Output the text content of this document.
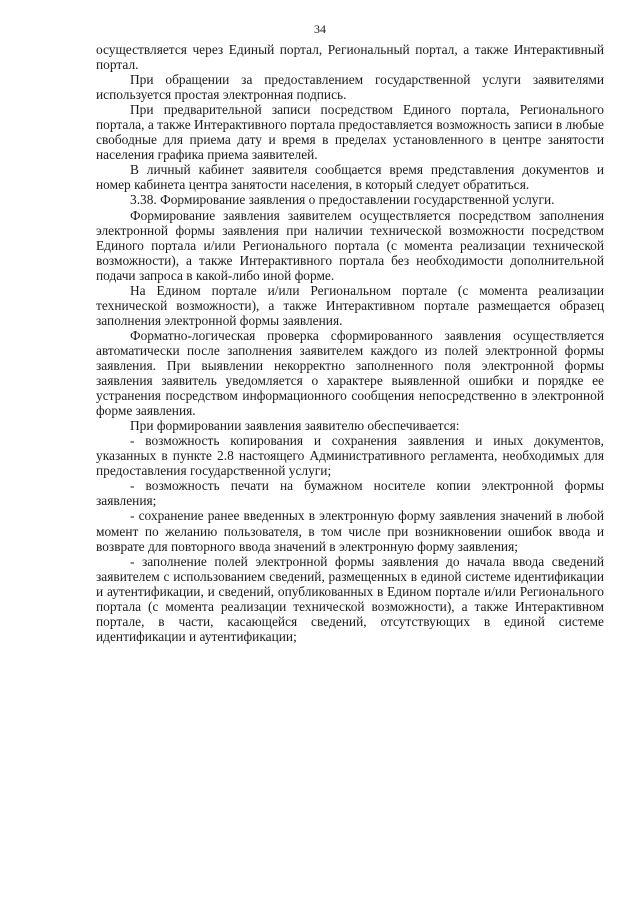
34

осуществляется через Единый портал, Региональный портал, а также Интерактивный портал.

При обращении за предоставлением государственной услуги заявителями используется простая электронная подпись.

При предварительной записи посредством Единого портала, Регионального портала, а также Интерактивного портала предоставляется возможность записи в любые свободные для приема дату и время в пределах установленного в центре занятости населения графика приема заявителей.

В личный кабинет заявителя сообщается время представления документов и номер кабинета центра занятости населения, в который следует обратиться.

3.38. Формирование заявления о предоставлении государственной услуги.

Формирование заявления заявителем осуществляется посредством заполнения электронной формы заявления при наличии технической возможности посредством Единого портала и/или Регионального портала (с момента реализации технической возможности), а также Интерактивного портала без необходимости дополнительной подачи запроса в какой-либо иной форме.

На Едином портале и/или Региональном портале (с момента реализации технической возможности), а также Интерактивном портале размещается образец заполнения электронной формы заявления.

Форматно-логическая проверка сформированного заявления осуществляется автоматически после заполнения заявителем каждого из полей электронной формы заявления. При выявлении некорректно заполненного поля электронной формы заявления заявитель уведомляется о характере выявленной ошибки и порядке ее устранения посредством информационного сообщения непосредственно в электронной форме заявления.

При формировании заявления заявителю обеспечивается:

- возможность копирования и сохранения заявления и иных документов, указанных в пункте 2.8 настоящего Административного регламента, необходимых для предоставления государственной услуги;

- возможность печати на бумажном носителе копии электронной формы заявления;

- сохранение ранее введенных в электронную форму заявления значений в любой момент по желанию пользователя, в том числе при возникновении ошибок ввода и возврате для повторного ввода значений в электронную форму заявления;

- заполнение полей электронной формы заявления до начала ввода сведений заявителем с использованием сведений, размещенных в единой системе идентификации и аутентификации, и сведений, опубликованных в Едином портале и/или Регионального портала (с момента реализации технической возможности), а также Интерактивном портале, в части, касающейся сведений, отсутствующих в единой системе идентификации и аутентификации;
